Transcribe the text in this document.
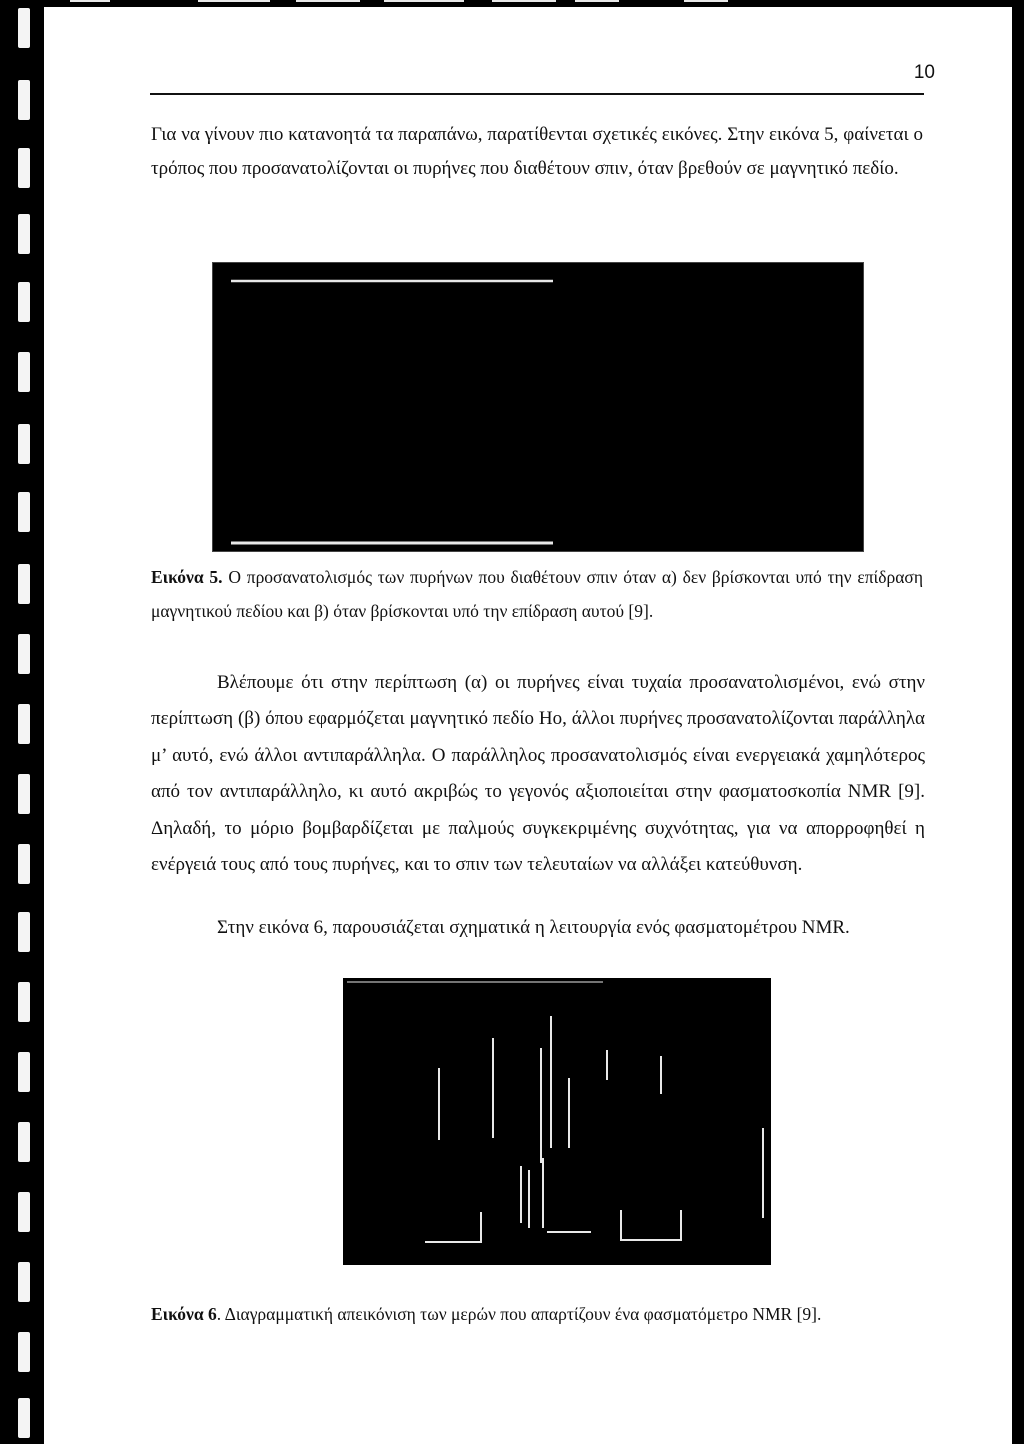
10

Για να γίνουν πιο κατανοητά τα παραπάνω, παρατίθενται σχετικές εικόνες. Στην εικόνα 5, φαίνεται ο τρόπος που προσανατολίζονται οι πυρήνες που διαθέτουν σπιν, όταν βρεθούν σε μαγνητικό πεδίο.

Εικόνα 5. Ο προσανατολισμός των πυρήνων που διαθέτουν σπιν όταν α) δεν βρίσκονται υπό την επίδραση μαγνητικού πεδίου και β) όταν βρίσκονται υπό την επίδραση αυτού [9].

Βλέπουμε ότι στην περίπτωση (α) οι πυρήνες είναι τυχαία προσανατολισμένοι, ενώ στην περίπτωση (β) όπου εφαρμόζεται μαγνητικό πεδίο Ho, άλλοι πυρήνες προσανατολίζονται παράλληλα μ’ αυτό, ενώ άλλοι αντιπαράλληλα. Ο παράλληλος προσανατολισμός είναι ενεργειακά χαμηλότερος από τον αντιπαράλληλο, κι αυτό ακριβώς το γεγονός αξιοποιείται στην φασματοσκοπία NMR [9]. Δηλαδή, το μόριο βομβαρδίζεται με παλμούς συγκεκριμένης συχνότητας, για να απορροφηθεί η ενέργειά τους από τους πυρήνες, και το σπιν των τελευταίων να αλλάξει κατεύθυνση.

Στην εικόνα 6, παρουσιάζεται σχηματικά η λειτουργία ενός φασματομέτρου NMR.

Εικόνα 6. Διαγραμματική απεικόνιση των μερών που απαρτίζουν ένα φασματόμετρο NMR [9].
